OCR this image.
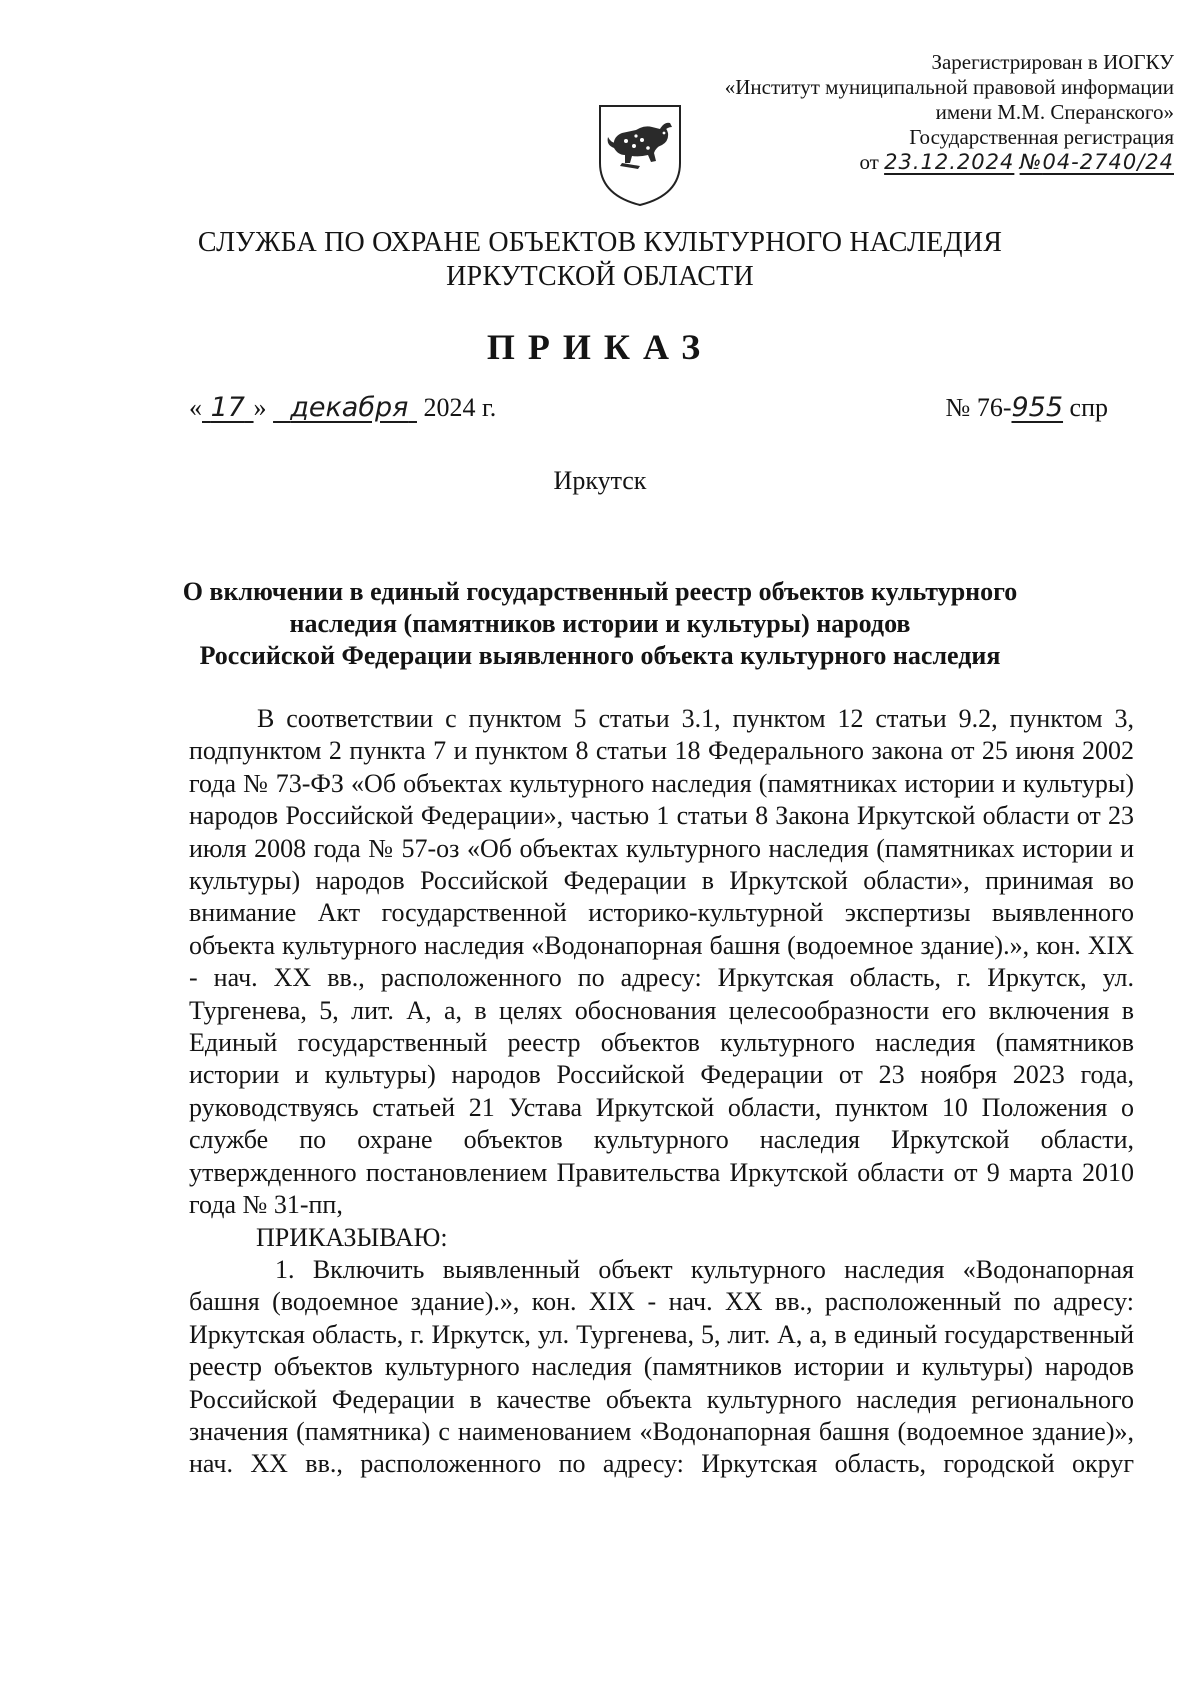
Зарегистрирован в ИОГКУ
«Институт муниципальной правовой информации
имени М.М. Сперанского»
Государственная регистрация
от 23.12.2024 №04-2740/24
СЛУЖБА ПО ОХРАНЕ ОБЪЕКТОВ КУЛЬТУРНОГО НАСЛЕДИЯ
ИРКУТСКОЙ ОБЛАСТИ
ПРИКАЗ
« 17 » декабря 2024 г.	№ 76-955 спр
Иркутск
О включении в единый государственный реестр объектов культурного
наследия (памятников истории и культуры) народов
Российской Федерации выявленного объекта культурного наследия

В соответствии с пунктом 5 статьи 3.1, пунктом 12 статьи 9.2, пунктом 3, подпунктом 2 пункта 7 и пунктом 8 статьи 18 Федерального закона от 25 июня 2002 года № 73-ФЗ «Об объектах культурного наследия (памятниках истории и культуры) народов Российской Федерации», частью 1 статьи 8 Закона Иркутской области от 23 июля 2008 года № 57-оз «Об объектах культурного наследия (памятниках истории и культуры) народов Российской Федерации в Иркутской области», принимая во внимание Акт государственной историко-культурной экспертизы выявленного объекта культурного наследия «Водонапорная башня (водоемное здание).», кон. XIX - нач. XX вв., расположенного по адресу: Иркутская область, г. Иркутск, ул. Тургенева, 5, лит. А, а, в целях обоснования целесообразности его включения в Единый государственный реестр объектов культурного наследия (памятников истории и культуры) народов Российской Федерации от 23 ноября 2023 года, руководствуясь статьей 21 Устава Иркутской области, пунктом 10 Положения о службе по охране объектов культурного наследия Иркутской области, утвержденного постановлением Правительства Иркутской области от 9 марта 2010 года № 31-пп,

ПРИКАЗЫВАЮ:

1. Включить выявленный объект культурного наследия «Водонапорная башня (водоемное здание).», кон. XIX - нач. XX вв., расположенный по адресу: Иркутская область, г. Иркутск, ул. Тургенева, 5, лит. А, а, в единый государственный реестр объектов культурного наследия (памятников истории и культуры) народов Российской Федерации в качестве объекта культурного наследия регионального значения (памятника) с наименованием «Водонапорная башня (водоемное здание)», нач. XX вв., расположенного по адресу: Иркутская область, городской округ
